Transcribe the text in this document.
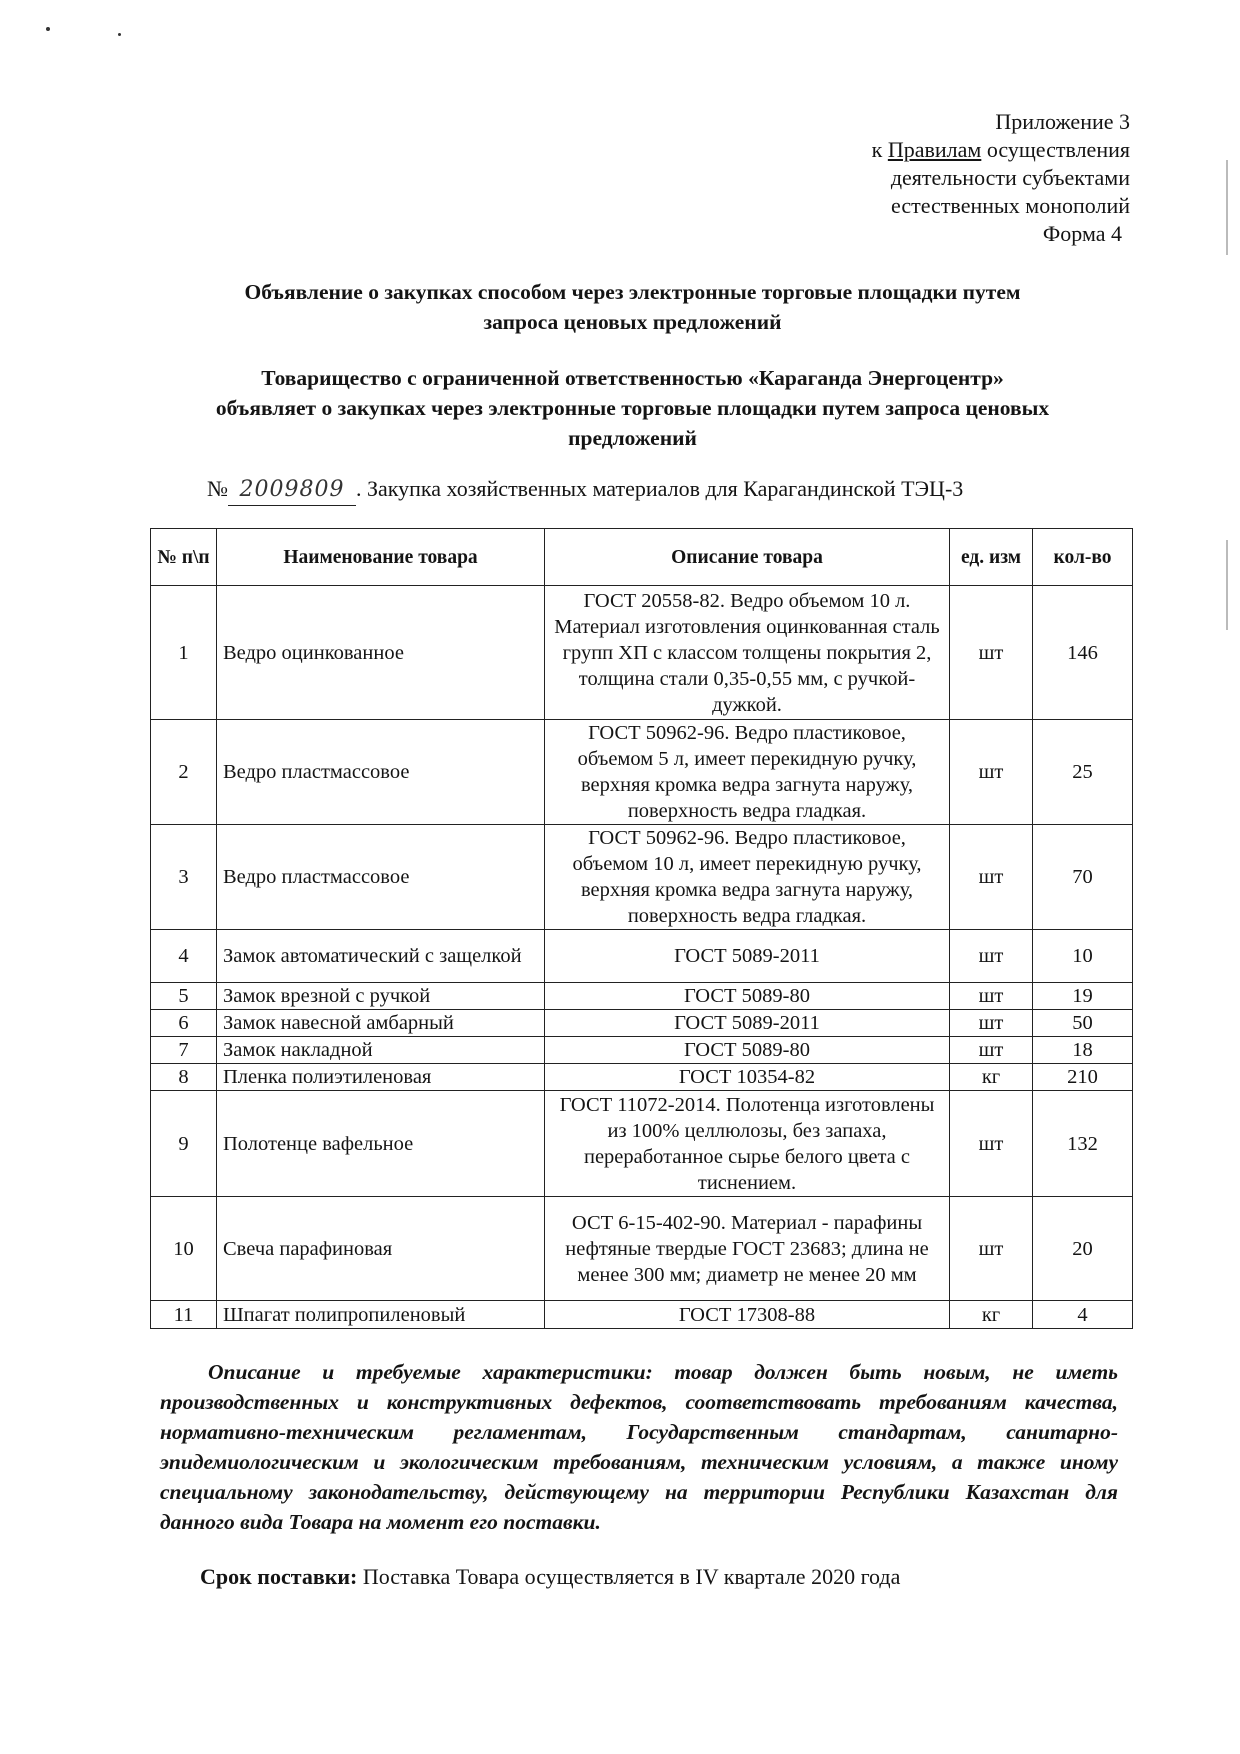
Приложение 3
к Правилам осуществления
деятельности субъектами
естественных монополий
Форма 4
Объявление о закупках способом через электронные торговые площадки путем
запроса ценовых предложений
Товарищество с ограниченной ответственностью «Караганда Энергоцентр»
объявляет о закупках через электронные торговые площадки путем запроса ценовых
предложений
№ 2009809 . Закупка хозяйственных материалов для Карагандинской ТЭЦ-3
№ п\п	Наименование товара	Описание товара	ед. изм	кол-во
1	Ведро оцинкованное	ГОСТ 20558-82. Ведро объемом 10 л. Материал изготовления оцинкованная сталь групп ХП с классом толщены покрытия 2, толщина стали 0,35-0,55 мм, с ручкой-дужкой.	шт	146
2	Ведро пластмассовое	ГОСТ 50962-96. Ведро пластиковое, объемом 5 л, имеет перекидную ручку, верхняя кромка ведра загнута наружу, поверхность ведра гладкая.	шт	25
3	Ведро пластмассовое	ГОСТ 50962-96. Ведро пластиковое, объемом 10 л, имеет перекидную ручку, верхняя кромка ведра загнута наружу, поверхность ведра гладкая.	шт	70
4	Замок автоматический с защелкой	ГОСТ 5089-2011	шт	10
5	Замок врезной с ручкой	ГОСТ 5089-80	шт	19
6	Замок навесной амбарный	ГОСТ 5089-2011	шт	50
7	Замок накладной	ГОСТ 5089-80	шт	18
8	Пленка полиэтиленовая	ГОСТ 10354-82	кг	210
9	Полотенце вафельное	ГОСТ 11072-2014. Полотенца изготовлены из 100% целлюлозы, без запаха, переработанное сырье белого цвета с тиснением.	шт	132
10	Свеча парафиновая	ОСТ 6-15-402-90. Материал - парафины нефтяные твердые ГОСТ 23683; длина не менее 300 мм; диаметр не менее 20 мм	шт	20
11	Шпагат полипропиленовый	ГОСТ 17308-88	кг	4
Описание и требуемые характеристики: товар должен быть новым, не иметь производственных и конструктивных дефектов, соответствовать требованиям качества, нормативно-техническим регламентам, Государственным стандартам, санитарно-эпидемиологическим и экологическим требованиям, техническим условиям, а также иному специальному законодательству, действующему на территории Республики Казахстан для данного вида Товара на момент его поставки.
Срок поставки: Поставка Товара осуществляется в IV квартале 2020 года
